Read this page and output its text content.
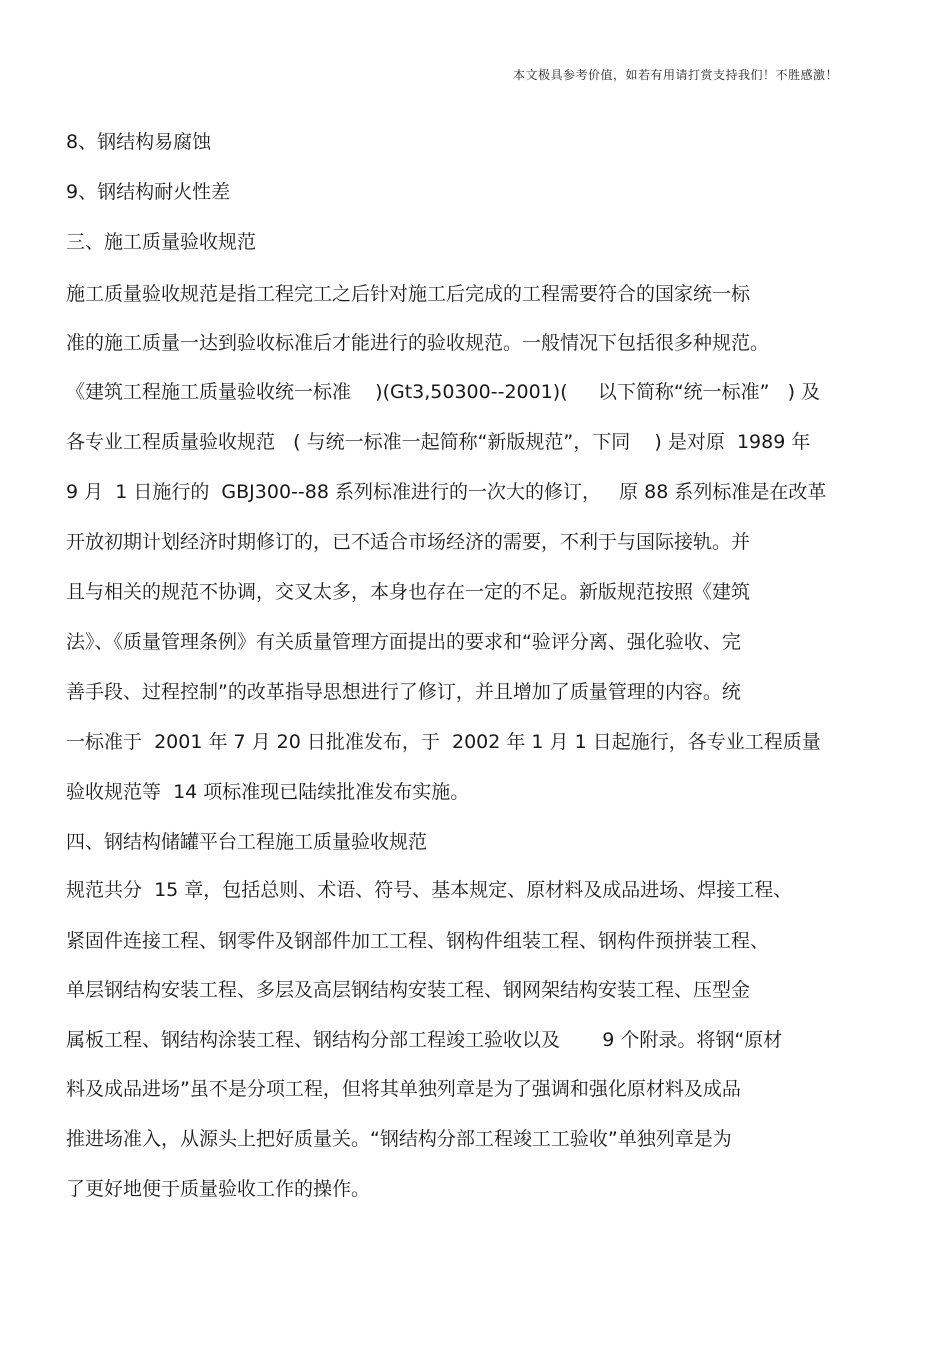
本文极具参考价值，如若有用请打赏支持我们！不胜感激！
8、钢结构易腐蚀
9、钢结构耐火性差
三、施工质量验收规范
施工质量验收规范是指工程完工之后针对施工后完成的工程需要符合的国家统一标
准的施工质量一达到验收标准后才能进行的验收规范。一般情况下包括很多种规范。
《建筑工程施工质量验收统一标准    )(Gt3,50300--2001)(     以下简称“统一标准”   ) 及
各专业工程质量验收规范   ( 与统一标准一起简称“新版规范”，下同    ) 是对原  1989 年
9 月  1 日施行的  GBJ300--88 系列标准进行的一次大的修订，   原 88 系列标准是在改革
开放初期计划经济时期修订的，已不适合市场经济的需要，不利于与国际接轨。并
且与相关的规范不协调，交叉太多，本身也存在一定的不足。新版规范按照《建筑
法》、《质量管理条例》有关质量管理方面提出的要求和“验评分离、强化验收、完
善手段、过程控制”的改革指导思想进行了修订，并且增加了质量管理的内容。统
一标准于  2001 年 7 月 20 日批准发布，于  2002 年 1 月 1 日起施行，各专业工程质量
验收规范等  14 项标准现已陆续批准发布实施。
四、钢结构储罐平台工程施工质量验收规范
规范共分  15 章，包括总则、术语、符号、基本规定、原材料及成品进场、焊接工程、
紧固件连接工程、钢零件及钢部件加工工程、钢构件组装工程、钢构件预拼装工程、
单层钢结构安装工程、多层及高层钢结构安装工程、钢网架结构安装工程、压型金
属板工程、钢结构涂装工程、钢结构分部工程竣工验收以及       9 个附录。将钢“原材
料及成品进场”虽不是分项工程，但将其单独列章是为了强调和强化原材料及成品
推进场准入，从源头上把好质量关。“钢结构分部工程竣工工验收”单独列章是为
了更好地便于质量验收工作的操作。
